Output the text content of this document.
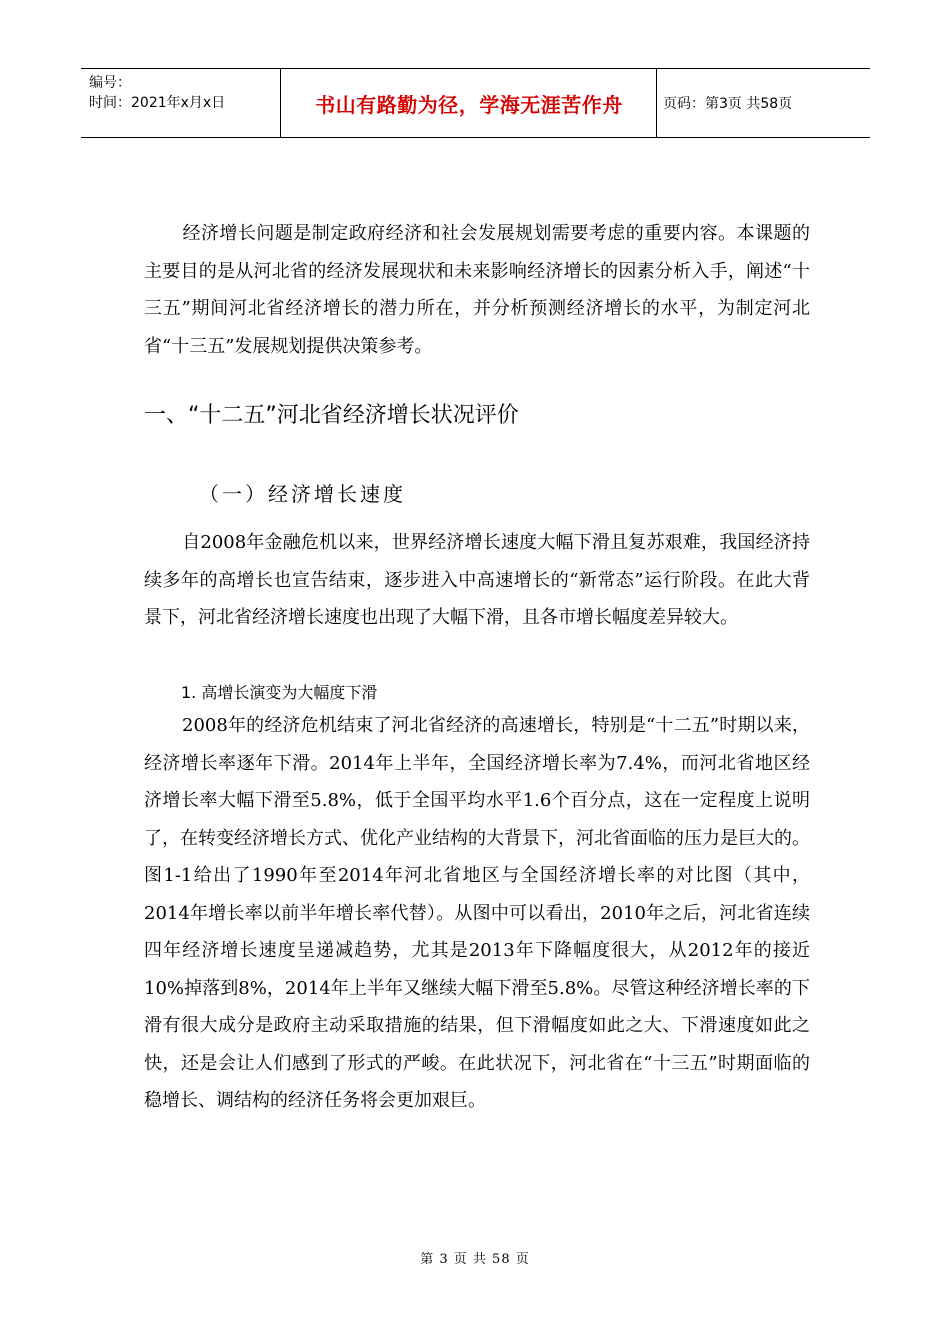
编号：
时间：2021年x月x日	书山有路勤为径，学海无涯苦作舟	页码：第3页 共58页

经济增长问题是制定政府经济和社会发展规划需要考虑的重要内容。本课题的主要目的是从河北省的经济发展现状和未来影响经济增长的因素分析入手，阐述“十三五”期间河北省经济增长的潜力所在，并分析预测经济增长的水平，为制定河北省“十三五”发展规划提供决策参考。

一、“十二五”河北省经济增长状况评价
（一）经济增长速度

自2008年金融危机以来，世界经济增长速度大幅下滑且复苏艰难，我国经济持续多年的高增长也宣告结束，逐步进入中高速增长的“新常态”运行阶段。在此大背景下，河北省经济增长速度也出现了大幅下滑，且各市增长幅度差异较大。

1. 高增长演变为大幅度下滑

2008年的经济危机结束了河北省经济的高速增长，特别是“十二五”时期以来，经济增长率逐年下滑。2014年上半年，全国经济增长率为7.4%，而河北省地区经济增长率大幅下滑至5.8%，低于全国平均水平1.6个百分点，这在一定程度上说明了，在转变经济增长方式、优化产业结构的大背景下，河北省面临的压力是巨大的。图1-1给出了1990年至2014年河北省地区与全国经济增长率的对比图（其中，2014年增长率以前半年增长率代替）。从图中可以看出，2010年之后，河北省连续四年经济增长速度呈递减趋势，尤其是2013年下降幅度很大，从2012年的接近10%掉落到8%，2014年上半年又继续大幅下滑至5.8%。尽管这种经济增长率的下滑有很大成分是政府主动采取措施的结果，但下滑幅度如此之大、下滑速度如此之快，还是会让人们感到了形式的严峻。在此状况下，河北省在“十三五”时期面临的稳增长、调结构的经济任务将会更加艰巨。

第 3 页 共 58 页
